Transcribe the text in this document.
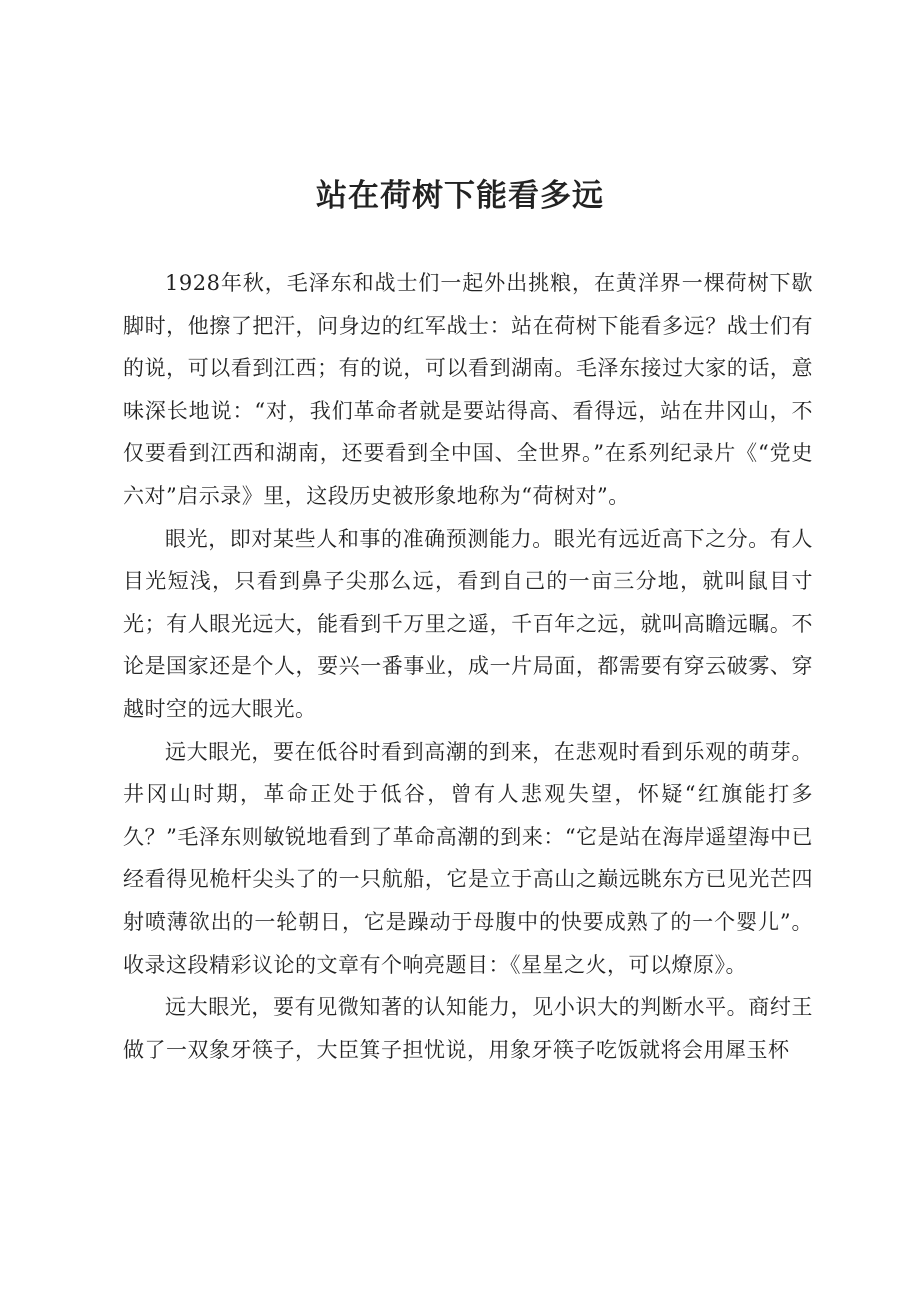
站在荷树下能看多远

1928年秋，毛泽东和战士们一起外出挑粮，在黄洋界一棵荷树下歇脚时，他擦了把汗，问身边的红军战士：站在荷树下能看多远？战士们有的说，可以看到江西；有的说，可以看到湖南。毛泽东接过大家的话，意味深长地说：“对，我们革命者就是要站得高、看得远，站在井冈山，不仅要看到江西和湖南，还要看到全中国、全世界。”在系列纪录片《“党史六对”启示录》里，这段历史被形象地称为“荷树对”。

眼光，即对某些人和事的准确预测能力。眼光有远近高下之分。有人目光短浅，只看到鼻子尖那么远，看到自己的一亩三分地，就叫鼠目寸光；有人眼光远大，能看到千万里之遥，千百年之远，就叫高瞻远瞩。不论是国家还是个人，要兴一番事业，成一片局面，都需要有穿云破雾、穿越时空的远大眼光。

远大眼光，要在低谷时看到高潮的到来，在悲观时看到乐观的萌芽。井冈山时期，革命正处于低谷，曾有人悲观失望，怀疑“红旗能打多久？”毛泽东则敏锐地看到了革命高潮的到来：“它是站在海岸遥望海中已经看得见桅杆尖头了的一只航船，它是立于高山之巅远眺东方已见光芒四射喷薄欲出的一轮朝日，它是躁动于母腹中的快要成熟了的一个婴儿”。收录这段精彩议论的文章有个响亮题目：《星星之火，可以燎原》。

远大眼光，要有见微知著的认知能力，见小识大的判断水平。商纣王做了一双象牙筷子，大臣箕子担忧说，用象牙筷子吃饭就将会用犀玉杯
